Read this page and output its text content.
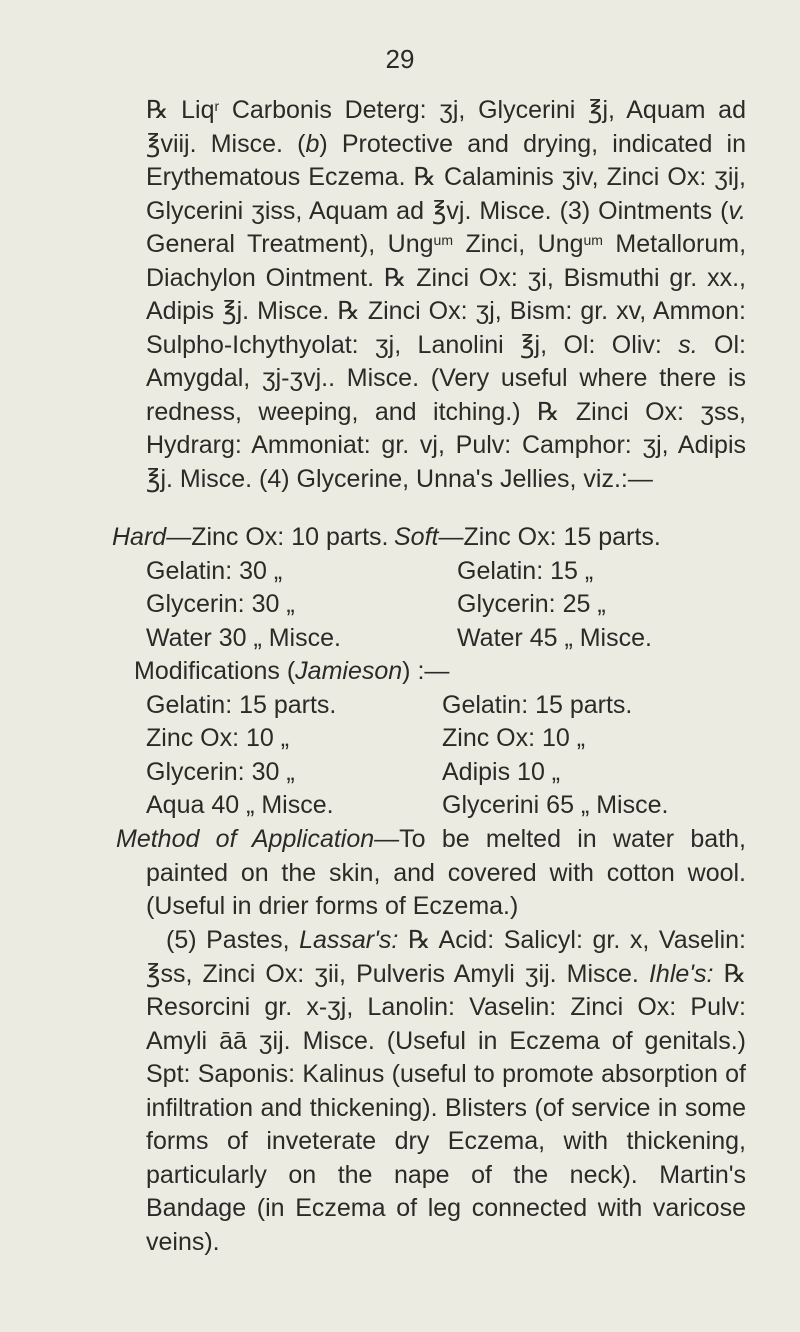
29

℞ Liq$^r$ Carbonis Deterg: ʒj, Glycerini ℥j, Aquam ad ℥viij. Misce. (b) Protective and drying, indicated in Erythematous Eczema. ℞ Calaminis ʒiv, Zinci Ox: ʒij, Glycerini ʒiss, Aquam ad ℥vj. Misce. (3) Ointments (v. General Treatment), Ung$^{um}$ Zinci, Ung$^{um}$ Metallorum, Diachylon Ointment. ℞ Zinci Ox: ʒi, Bismuthi gr. xx., Adipis ℥j. Misce. ℞ Zinci Ox: ʒj, Bism: gr. xv, Ammon: Sulpho-Ichythyolat: ʒj, Lanolini ℥j, Ol: Oliv: s. Ol: Amygdal, ʒj-ʒvj.. Misce. (Very useful where there is redness, weeping, and itching.) ℞ Zinci Ox: ʒss, Hydrarg: Ammoniat: gr. vj, Pulv: Camphor: ʒj, Adipis ℥j. Misce. (4) Glycerine, Unna's Jellies, viz.:—

Hard—Zinc Ox: 10 parts. Soft—Zinc Ox: 15 parts.
Gelatin: 30 „	Gelatin: 15 „
Glycerin: 30 „	Glycerin: 25 „
Water 30 „ Misce.	Water 45 „ Misce.
Modifications (Jamieson) :—
Gelatin: 15 parts.	Gelatin: 15 parts.
Zinc Ox: 10 „	Zinc Ox: 10 „
Glycerin: 30 „	Adipis 10 „
Aqua 40 „ Misce.	Glycerini 65 „ Misce.

Method of Application—To be melted in water bath, painted on the skin, and covered with cotton wool. (Useful in drier forms of Eczema.)

(5) Pastes, Lassar's: ℞ Acid: Salicyl: gr. x, Vaselin: ℥ss, Zinci Ox: ʒii, Pulveris Amyli ʒij. Misce. Ihle's: ℞ Resorcini gr. x-ʒj, Lanolin: Vaselin: Zinci Ox: Pulv: Amyli āā ʒij. Misce. (Useful in Eczema of genitals.) Spt: Saponis: Kalinus (useful to promote absorption of infiltration and thickening). Blisters (of service in some forms of inveterate dry Eczema, with thickening, particularly on the nape of the neck). Martin's Bandage (in Eczema of leg connected with varicose veins).
